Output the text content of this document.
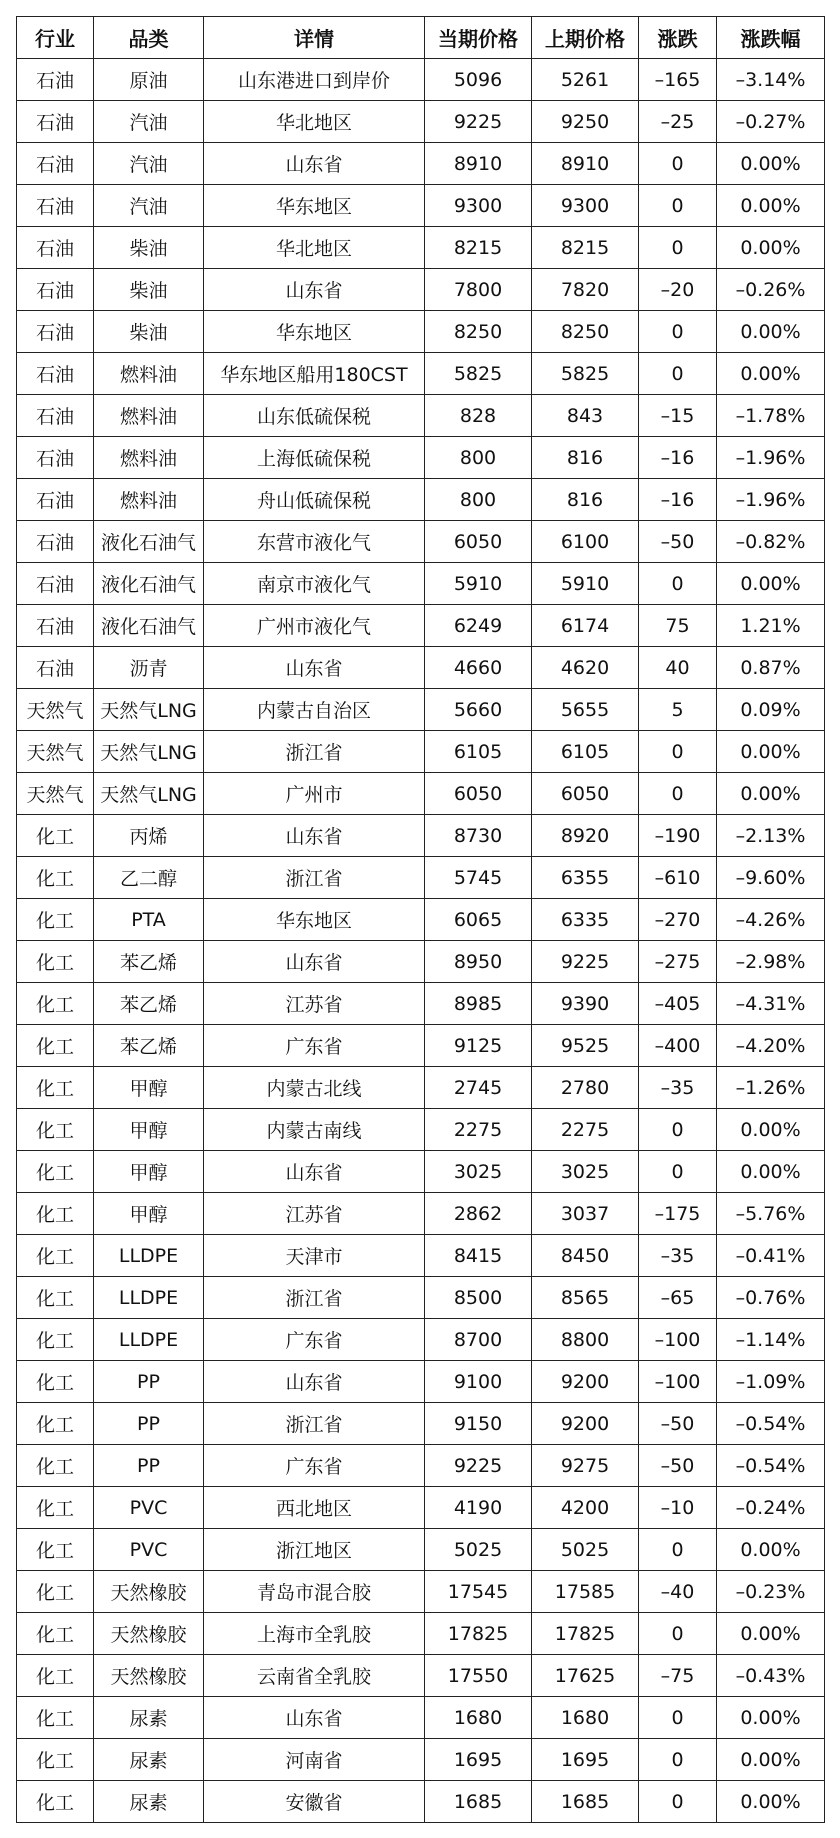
行业	品类	详情	当期价格	上期价格	涨跌	涨跌幅
石油	原油	山东港进口到岸价	5096	5261	–165	–3.14%
石油	汽油	华北地区	9225	9250	–25	–0.27%
石油	汽油	山东省	8910	8910	0	0.00%
石油	汽油	华东地区	9300	9300	0	0.00%
石油	柴油	华北地区	8215	8215	0	0.00%
石油	柴油	山东省	7800	7820	–20	–0.26%
石油	柴油	华东地区	8250	8250	0	0.00%
石油	燃料油	华东地区船用180CST	5825	5825	0	0.00%
石油	燃料油	山东低硫保税	828	843	–15	–1.78%
石油	燃料油	上海低硫保税	800	816	–16	–1.96%
石油	燃料油	舟山低硫保税	800	816	–16	–1.96%
石油	液化石油气	东营市液化气	6050	6100	–50	–0.82%
石油	液化石油气	南京市液化气	5910	5910	0	0.00%
石油	液化石油气	广州市液化气	6249	6174	75	1.21%
石油	沥青	山东省	4660	4620	40	0.87%
天然气	天然气LNG	内蒙古自治区	5660	5655	5	0.09%
天然气	天然气LNG	浙江省	6105	6105	0	0.00%
天然气	天然气LNG	广州市	6050	6050	0	0.00%
化工	丙烯	山东省	8730	8920	–190	–2.13%
化工	乙二醇	浙江省	5745	6355	–610	–9.60%
化工	PTA	华东地区	6065	6335	–270	–4.26%
化工	苯乙烯	山东省	8950	9225	–275	–2.98%
化工	苯乙烯	江苏省	8985	9390	–405	–4.31%
化工	苯乙烯	广东省	9125	9525	–400	–4.20%
化工	甲醇	内蒙古北线	2745	2780	–35	–1.26%
化工	甲醇	内蒙古南线	2275	2275	0	0.00%
化工	甲醇	山东省	3025	3025	0	0.00%
化工	甲醇	江苏省	2862	3037	–175	–5.76%
化工	LLDPE	天津市	8415	8450	–35	–0.41%
化工	LLDPE	浙江省	8500	8565	–65	–0.76%
化工	LLDPE	广东省	8700	8800	–100	–1.14%
化工	PP	山东省	9100	9200	–100	–1.09%
化工	PP	浙江省	9150	9200	–50	–0.54%
化工	PP	广东省	9225	9275	–50	–0.54%
化工	PVC	西北地区	4190	4200	–10	–0.24%
化工	PVC	浙江地区	5025	5025	0	0.00%
化工	天然橡胶	青岛市混合胶	17545	17585	–40	–0.23%
化工	天然橡胶	上海市全乳胶	17825	17825	0	0.00%
化工	天然橡胶	云南省全乳胶	17550	17625	–75	–0.43%
化工	尿素	山东省	1680	1680	0	0.00%
化工	尿素	河南省	1695	1695	0	0.00%
化工	尿素	安徽省	1685	1685	0	0.00%
